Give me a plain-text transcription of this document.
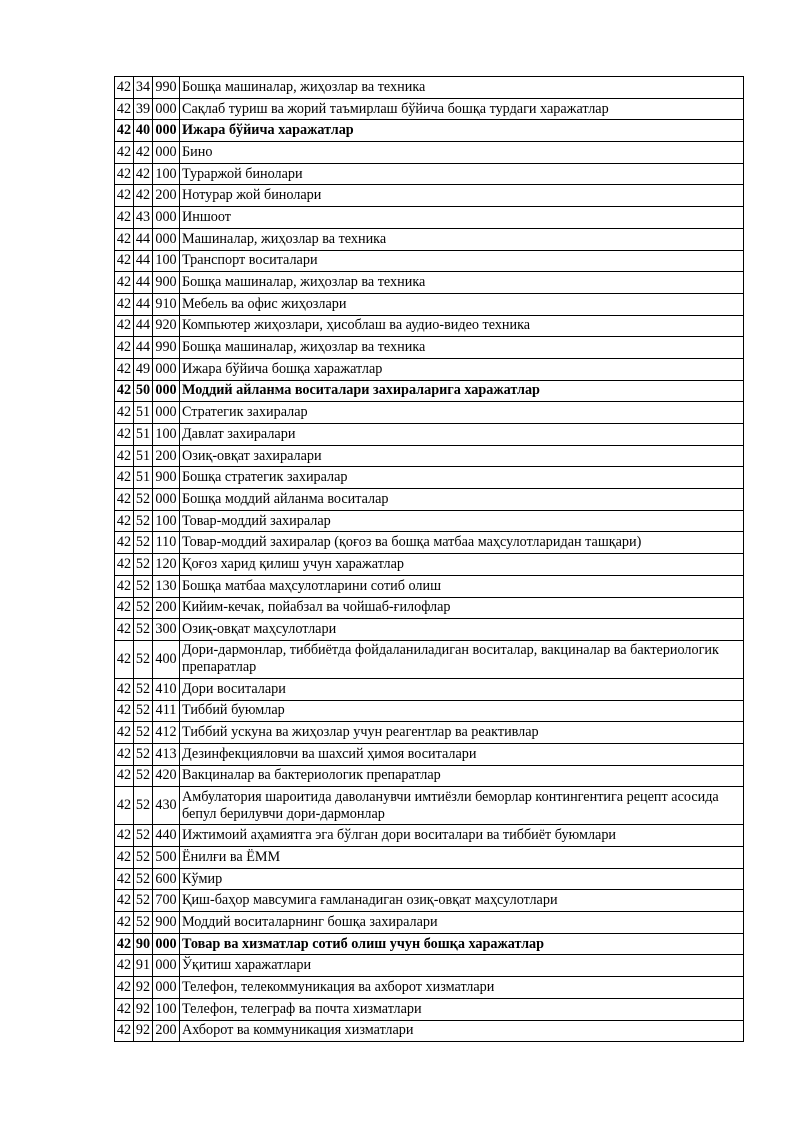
42	34	990	Бошқа машиналар, жиҳозлар ва техника
42	39	000	Сақлаб туриш ва жорий таъмирлаш бўйича бошқа турдаги харажатлар
42	40	000	Ижара бўйича харажатлар
42	42	000	Бино
42	42	100	Тураржой бинолари
42	42	200	Нотурар жой бинолари
42	43	000	Иншоот
42	44	000	Машиналар, жиҳозлар ва техника
42	44	100	Транспорт воситалари
42	44	900	Бошқа машиналар, жиҳозлар ва техника
42	44	910	Мебель ва офис жиҳозлари
42	44	920	Компьютер жиҳозлари, ҳисоблаш ва аудио-видео техника
42	44	990	Бошқа машиналар, жиҳозлар ва техника
42	49	000	Ижара бўйича бошқа харажатлар
42	50	000	Моддий айланма воситалари захираларига харажатлар
42	51	000	Стратегик захиралар
42	51	100	Давлат захиралари
42	51	200	Озиқ-овқат захиралари
42	51	900	Бошқа стратегик захиралар
42	52	000	Бошқа моддий айланма воситалар
42	52	100	Товар-моддий захиралар
42	52	110	Товар-моддий захиралар (қоғоз ва бошқа матбаа маҳсулотларидан ташқари)
42	52	120	Қоғоз харид қилиш учун харажатлар
42	52	130	Бошқа матбаа маҳсулотларини сотиб олиш
42	52	200	Кийим-кечак, пойабзал ва чойшаб-ғилофлар
42	52	300	Озиқ-овқат маҳсулотлари
42	52	400	Дори-дармонлар, тиббиётда фойдаланиладиган воситалар, вакциналар ва бактериологик препаратлар
42	52	410	Дори воситалари
42	52	411	Тиббий буюмлар
42	52	412	Тиббий ускуна ва жиҳозлар учун реагентлар ва реактивлар
42	52	413	Дезинфекцияловчи ва шахсий ҳимоя воситалари
42	52	420	Вакциналар ва бактериологик препаратлар
42	52	430	Амбулатория шароитида даволанувчи имтиёзли беморлар контингентига рецепт асосида бепул берилувчи дори-дармонлар
42	52	440	Ижтимоий аҳамиятга эга бўлган дори воситалари ва тиббиёт буюмлари
42	52	500	Ёнилғи ва ЁММ
42	52	600	Кўмир
42	52	700	Қиш-баҳор мавсумига ғамланадиган озиқ-овқат маҳсулотлари
42	52	900	Моддий воситаларнинг бошқа захиралари
42	90	000	Товар ва хизматлар сотиб олиш учун бошқа харажатлар
42	91	000	Ўқитиш харажатлари
42	92	000	Телефон, телекоммуникация ва ахборот хизматлари
42	92	100	Телефон, телеграф ва почта хизматлари
42	92	200	Ахборот ва коммуникация хизматлари
